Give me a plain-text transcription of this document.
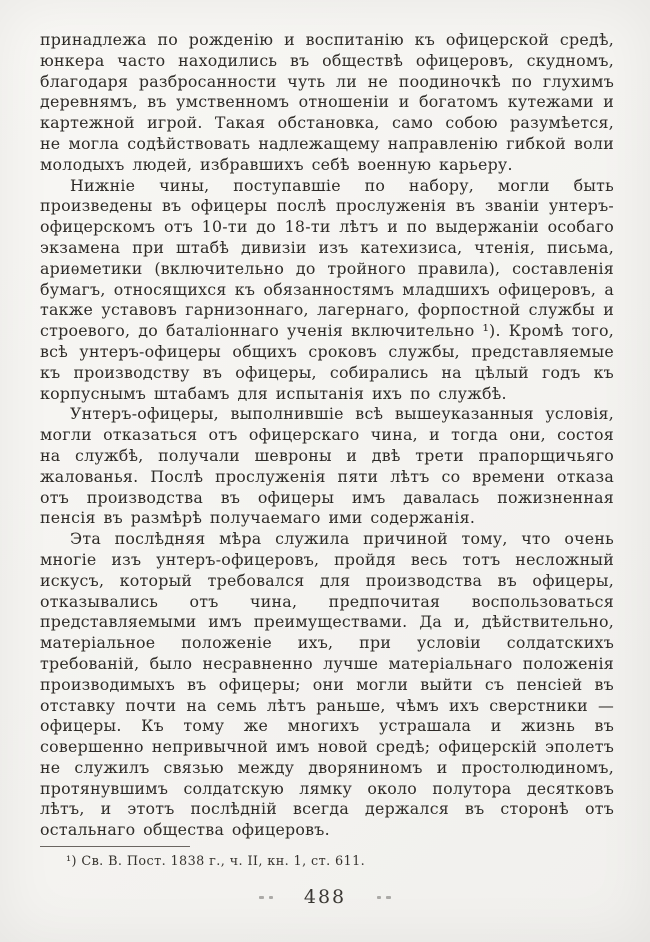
принадлежа по рожденію и воспитанію къ офицерской средѣ, юнкера часто находились въ обществѣ офицеровъ, скудномъ, благодаря разбросанности чуть ли не поодиночкѣ по глухимъ деревнямъ, въ умственномъ отношеніи и богатомъ кутежами и картежной игрой. Такая обстановка, само собою разумѣется, не могла содѣйствовать надлежащему направленію гибкой воли молодыхъ людей, избравшихъ себѣ военную карьеру.

Нижніе чины, поступавшіе по набору, могли быть произведены въ офицеры послѣ прослуженія въ званіи унтеръ-офицерскомъ отъ 10-ти до 18-ти лѣтъ и по выдержаніи особаго экзамена при штабѣ дивизіи изъ катехизиса, чтенія, письма, ариѳметики (включительно до тройного правила), составленія бумагъ, относящихся къ обязанностямъ младшихъ офицеровъ, а также уставовъ гарнизоннаго, лагернаго, форпостной службы и строевого, до баталіоннаго ученія включительно ¹). Кромѣ того, всѣ унтеръ-офицеры общихъ сроковъ службы, представляемые къ производству въ офицеры, собирались на цѣлый годъ къ корпуснымъ штабамъ для испытанія ихъ по службѣ.

Унтеръ-офицеры, выполнившіе всѣ вышеуказанныя условія, могли отказаться отъ офицерскаго чина, и тогда они, состоя на службѣ, получали шевроны и двѣ трети прапорщичьяго жалованья. Послѣ прослуженія пяти лѣтъ со времени отказа отъ производства въ офицеры имъ давалась пожизненная пенсія въ размѣрѣ получаемаго ими содержанія.

Эта послѣдняя мѣра служила причиной тому, что очень многіе изъ унтеръ-офицеровъ, пройдя весь тотъ несложный искусъ, который требовался для производства въ офицеры, отказывались отъ чина, предпочитая воспользоваться представляемыми имъ преимуществами. Да и, дѣйствительно, матеріальное положеніе ихъ, при условіи солдатскихъ требованій, было несравненно лучше матеріальнаго положенія производимыхъ въ офицеры; они могли выйти съ пенсіей въ отставку почти на семь лѣтъ раньше, чѣмъ ихъ сверстники — офицеры. Къ тому же многихъ устрашала и жизнь въ совершенно непривычной имъ новой средѣ; офицерскій эполетъ не служилъ связью между дворяниномъ и простолюдиномъ, протянувшимъ солдатскую лямку около полутора десятковъ лѣтъ, и этотъ послѣдній всегда держался въ сторонѣ отъ остальнаго общества офицеровъ.

¹) Св. В. Пост. 1838 г., ч. II, кн. 1, ст. 611.

488
